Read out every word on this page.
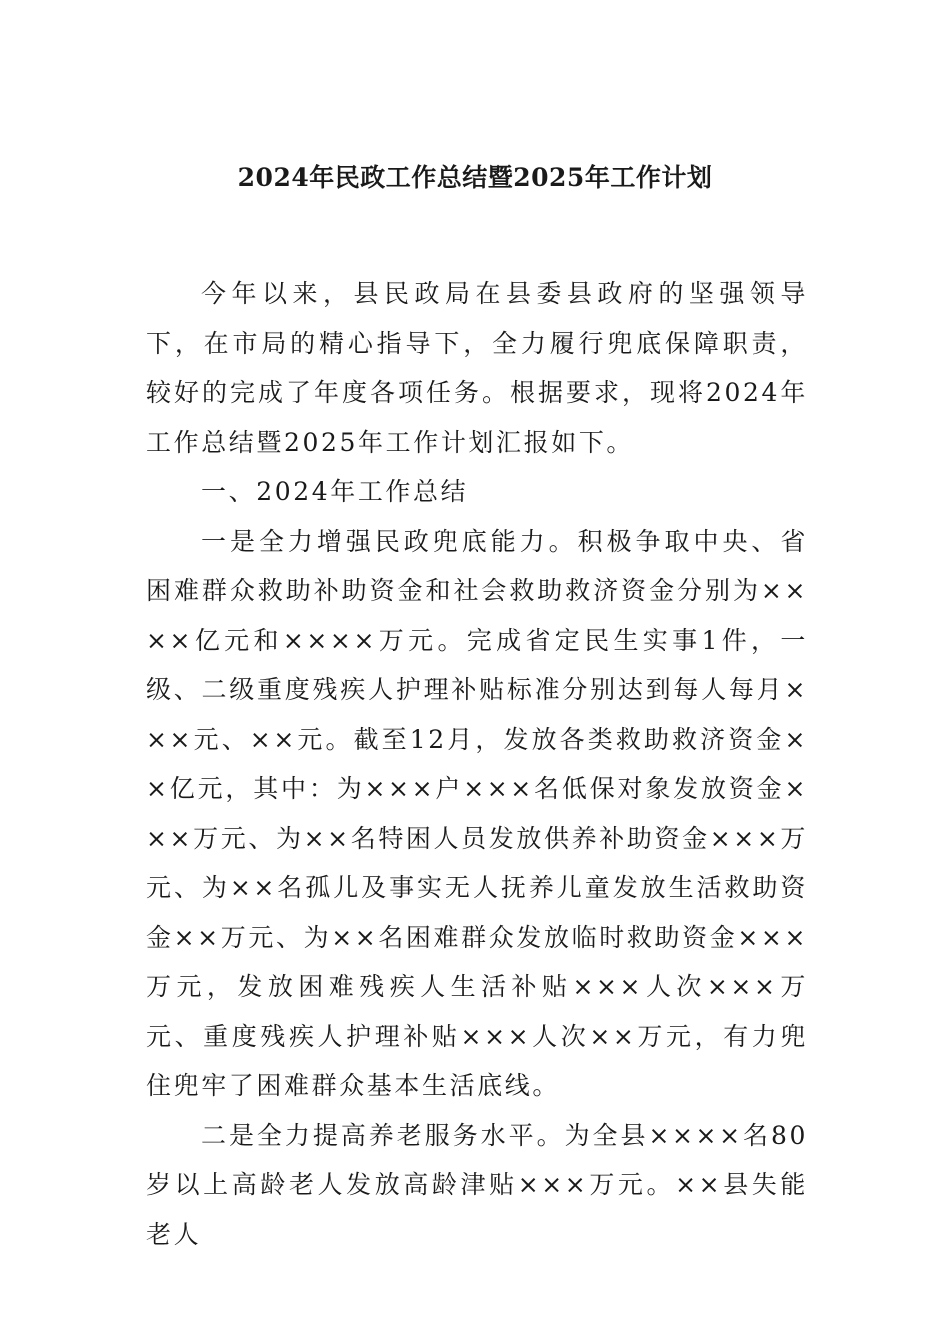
2024年民政工作总结暨2025年工作计划

今年以来，县民政局在县委县政府的坚强领导下，在市局的精心指导下，全力履行兜底保障职责，较好的完成了年度各项任务。根据要求，现将2024年工作总结暨2025年工作计划汇报如下。

一、2024年工作总结

一是全力增强民政兜底能力。积极争取中央、省困难群众救助补助资金和社会救助救济资金分别为××××亿元和××××万元。完成省定民生实事1件，一级、二级重度残疾人护理补贴标准分别达到每人每月×××元、××元。截至12月，发放各类救助救济资金××亿元，其中：为×××户×××名低保对象发放资金×××万元、为××名特困人员发放供养补助资金×××万元、为××名孤儿及事实无人抚养儿童发放生活救助资金××万元、为××名困难群众发放临时救助资金×××万元，发放困难残疾人生活补贴×××人次×××万元、重度残疾人护理补贴×××人次××万元，有力兜住兜牢了困难群众基本生活底线。

二是全力提高养老服务水平。为全县××××名80岁以上高龄老人发放高龄津贴×××万元。××县失能老人
